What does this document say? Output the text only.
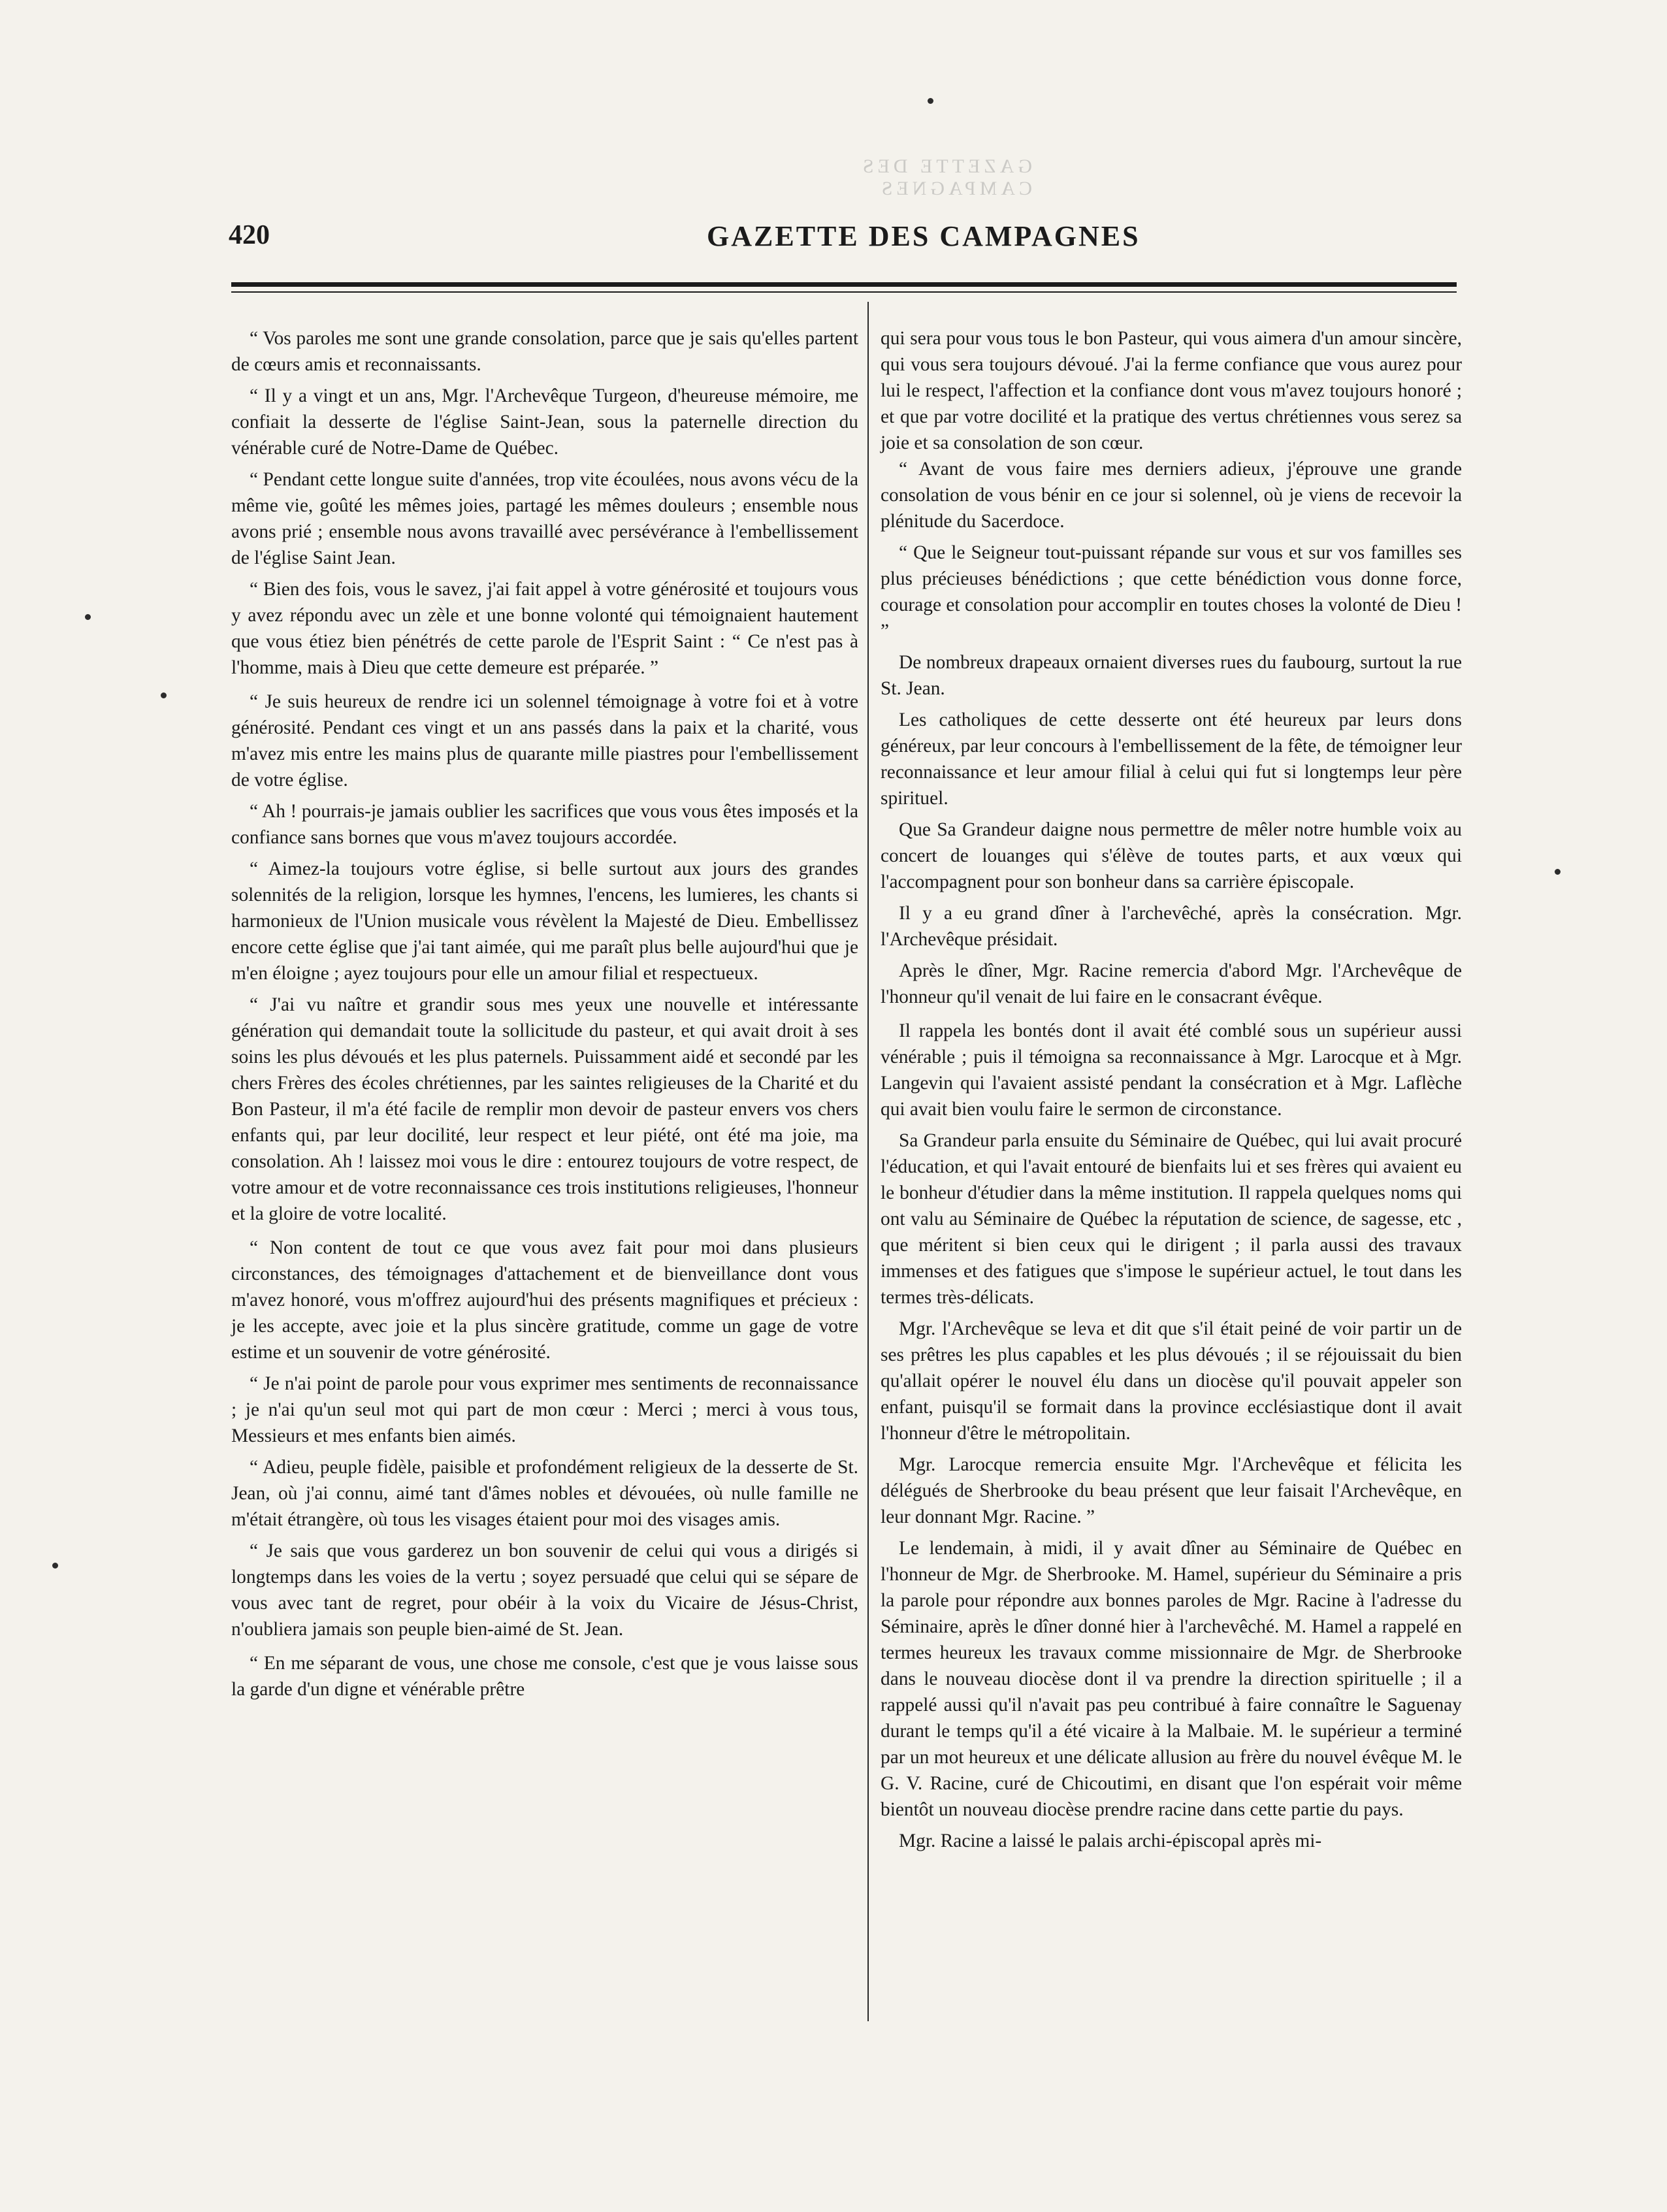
GAZETTE DES CAMPAGNES
420	GAZETTE DES CAMPAGNES

“ Vos paroles me sont une grande consolation, parce que je sais qu'elles partent de cœurs amis et reconnaissants.

“ Il y a vingt et un ans, Mgr. l'Archevêque Turgeon, d'heureuse mémoire, me confiait la desserte de l'église Saint-Jean, sous la paternelle direction du vénérable curé de Notre-Dame de Québec.

“ Pendant cette longue suite d'années, trop vite écoulées, nous avons vécu de la même vie, goûté les mêmes joies, partagé les mêmes douleurs ; ensemble nous avons prié ; ensemble nous avons travaillé avec persévérance à l'embellissement de l'église Saint Jean.

“ Bien des fois, vous le savez, j'ai fait appel à votre générosité et toujours vous y avez répondu avec un zèle et une bonne volonté qui témoignaient hautement que vous étiez bien pénétrés de cette parole de l'Esprit Saint : “ Ce n'est pas à l'homme, mais à Dieu que cette demeure est préparée. ”

“ Je suis heureux de rendre ici un solennel témoignage à votre foi et à votre générosité. Pendant ces vingt et un ans passés dans la paix et la charité, vous m'avez mis entre les mains plus de quarante mille piastres pour l'embellissement de votre église.

“ Ah ! pourrais-je jamais oublier les sacrifices que vous vous êtes imposés et la confiance sans bornes que vous m'avez toujours accordée.

“ Aimez-la toujours votre église, si belle surtout aux jours des grandes solennités de la religion, lorsque les hymnes, l'encens, les lumieres, les chants si harmonieux de l'Union musicale vous révèlent la Majesté de Dieu. Embellissez encore cette église que j'ai tant aimée, qui me paraît plus belle aujourd'hui que je m'en éloigne ; ayez toujours pour elle un amour filial et respectueux.

“ J'ai vu naître et grandir sous mes yeux une nouvelle et intéressante génération qui demandait toute la sollicitude du pasteur, et qui avait droit à ses soins les plus dévoués et les plus paternels. Puissamment aidé et secondé par les chers Frères des écoles chrétiennes, par les saintes religieuses de la Charité et du Bon Pasteur, il m'a été facile de remplir mon devoir de pasteur envers vos chers enfants qui, par leur docilité, leur respect et leur piété, ont été ma joie, ma consolation. Ah ! laissez moi vous le dire : entourez toujours de votre respect, de votre amour et de votre reconnaissance ces trois institutions religieuses, l'honneur et la gloire de votre localité.

“ Non content de tout ce que vous avez fait pour moi dans plusieurs circonstances, des témoignages d'attachement et de bienveillance dont vous m'avez honoré, vous m'offrez aujourd'hui des présents magnifiques et précieux : je les accepte, avec joie et la plus sincère gratitude, comme un gage de votre estime et un souvenir de votre générosité.

“ Je n'ai point de parole pour vous exprimer mes sentiments de reconnaissance ; je n'ai qu'un seul mot qui part de mon cœur : Merci ; merci à vous tous, Messieurs et mes enfants bien aimés.

“ Adieu, peuple fidèle, paisible et profondément religieux de la desserte de St. Jean, où j'ai connu, aimé tant d'âmes nobles et dévouées, où nulle famille ne m'était étrangère, où tous les visages étaient pour moi des visages amis.

“ Je sais que vous garderez un bon souvenir de celui qui vous a dirigés si longtemps dans les voies de la vertu ; soyez persuadé que celui qui se sépare de vous avec tant de regret, pour obéir à la voix du Vicaire de Jésus-Christ, n'oubliera jamais son peuple bien-aimé de St. Jean.

“ En me séparant de vous, une chose me console, c'est que je vous laisse sous la garde d'un digne et vénérable prêtre

qui sera pour vous tous le bon Pasteur, qui vous aimera d'un amour sincère, qui vous sera toujours dévoué. J'ai la ferme confiance que vous aurez pour lui le respect, l'affection et la confiance dont vous m'avez toujours honoré ; et que par votre docilité et la pratique des vertus chrétiennes vous serez sa joie et sa consolation de son cœur.

“ Avant de vous faire mes derniers adieux, j'éprouve une grande consolation de vous bénir en ce jour si solennel, où je viens de recevoir la plénitude du Sacerdoce.

“ Que le Seigneur tout-puissant répande sur vous et sur vos familles ses plus précieuses bénédictions ; que cette bénédiction vous donne force, courage et consolation pour accomplir en toutes choses la volonté de Dieu ! ”

De nombreux drapeaux ornaient diverses rues du faubourg, surtout la rue St. Jean.

Les catholiques de cette desserte ont été heureux par leurs dons généreux, par leur concours à l'embellissement de la fête, de témoigner leur reconnaissance et leur amour filial à celui qui fut si longtemps leur père spirituel.

Que Sa Grandeur daigne nous permettre de mêler notre humble voix au concert de louanges qui s'élève de toutes parts, et aux vœux qui l'accompagnent pour son bonheur dans sa carrière épiscopale.

Il y a eu grand dîner à l'archevêché, après la consécration. Mgr. l'Archevêque présidait.

Après le dîner, Mgr. Racine remercia d'abord Mgr. l'Archevêque de l'honneur qu'il venait de lui faire en le consacrant évêque.

Il rappela les bontés dont il avait été comblé sous un supérieur aussi vénérable ; puis il témoigna sa reconnaissance à Mgr. Larocque et à Mgr. Langevin qui l'avaient assisté pendant la consécration et à Mgr. Laflèche qui avait bien voulu faire le sermon de circonstance.

Sa Grandeur parla ensuite du Séminaire de Québec, qui lui avait procuré l'éducation, et qui l'avait entouré de bienfaits lui et ses frères qui avaient eu le bonheur d'étudier dans la même institution. Il rappela quelques noms qui ont valu au Séminaire de Québec la réputation de science, de sagesse, etc , que méritent si bien ceux qui le dirigent ; il parla aussi des travaux immenses et des fatigues que s'impose le supérieur actuel, le tout dans les termes très-délicats.

Mgr. l'Archevêque se leva et dit que s'il était peiné de voir partir un de ses prêtres les plus capables et les plus dévoués ; il se réjouissait du bien qu'allait opérer le nouvel élu dans un diocèse qu'il pouvait appeler son enfant, puisqu'il se formait dans la province ecclésiastique dont il avait l'honneur d'être le métropolitain.

Mgr. Larocque remercia ensuite Mgr. l'Archevêque et félicita les délégués de Sherbrooke du beau présent que leur faisait l'Archevêque, en leur donnant Mgr. Racine. ”

Le lendemain, à midi, il y avait dîner au Séminaire de Québec en l'honneur de Mgr. de Sherbrooke. M. Hamel, supérieur du Séminaire a pris la parole pour répondre aux bonnes paroles de Mgr. Racine à l'adresse du Séminaire, après le dîner donné hier à l'archevêché. M. Hamel a rappelé en termes heureux les travaux comme missionnaire de Mgr. de Sherbrooke dans le nouveau diocèse dont il va prendre la direction spirituelle ; il a rappelé aussi qu'il n'avait pas peu contribué à faire connaître le Saguenay durant le temps qu'il a été vicaire à la Malbaie. M. le supérieur a terminé par un mot heureux et une délicate allusion au frère du nouvel évêque M. le G. V. Racine, curé de Chicoutimi, en disant que l'on espérait voir même bientôt un nouveau diocèse prendre racine dans cette partie du pays.

Mgr. Racine a laissé le palais archi-épiscopal après mi-
